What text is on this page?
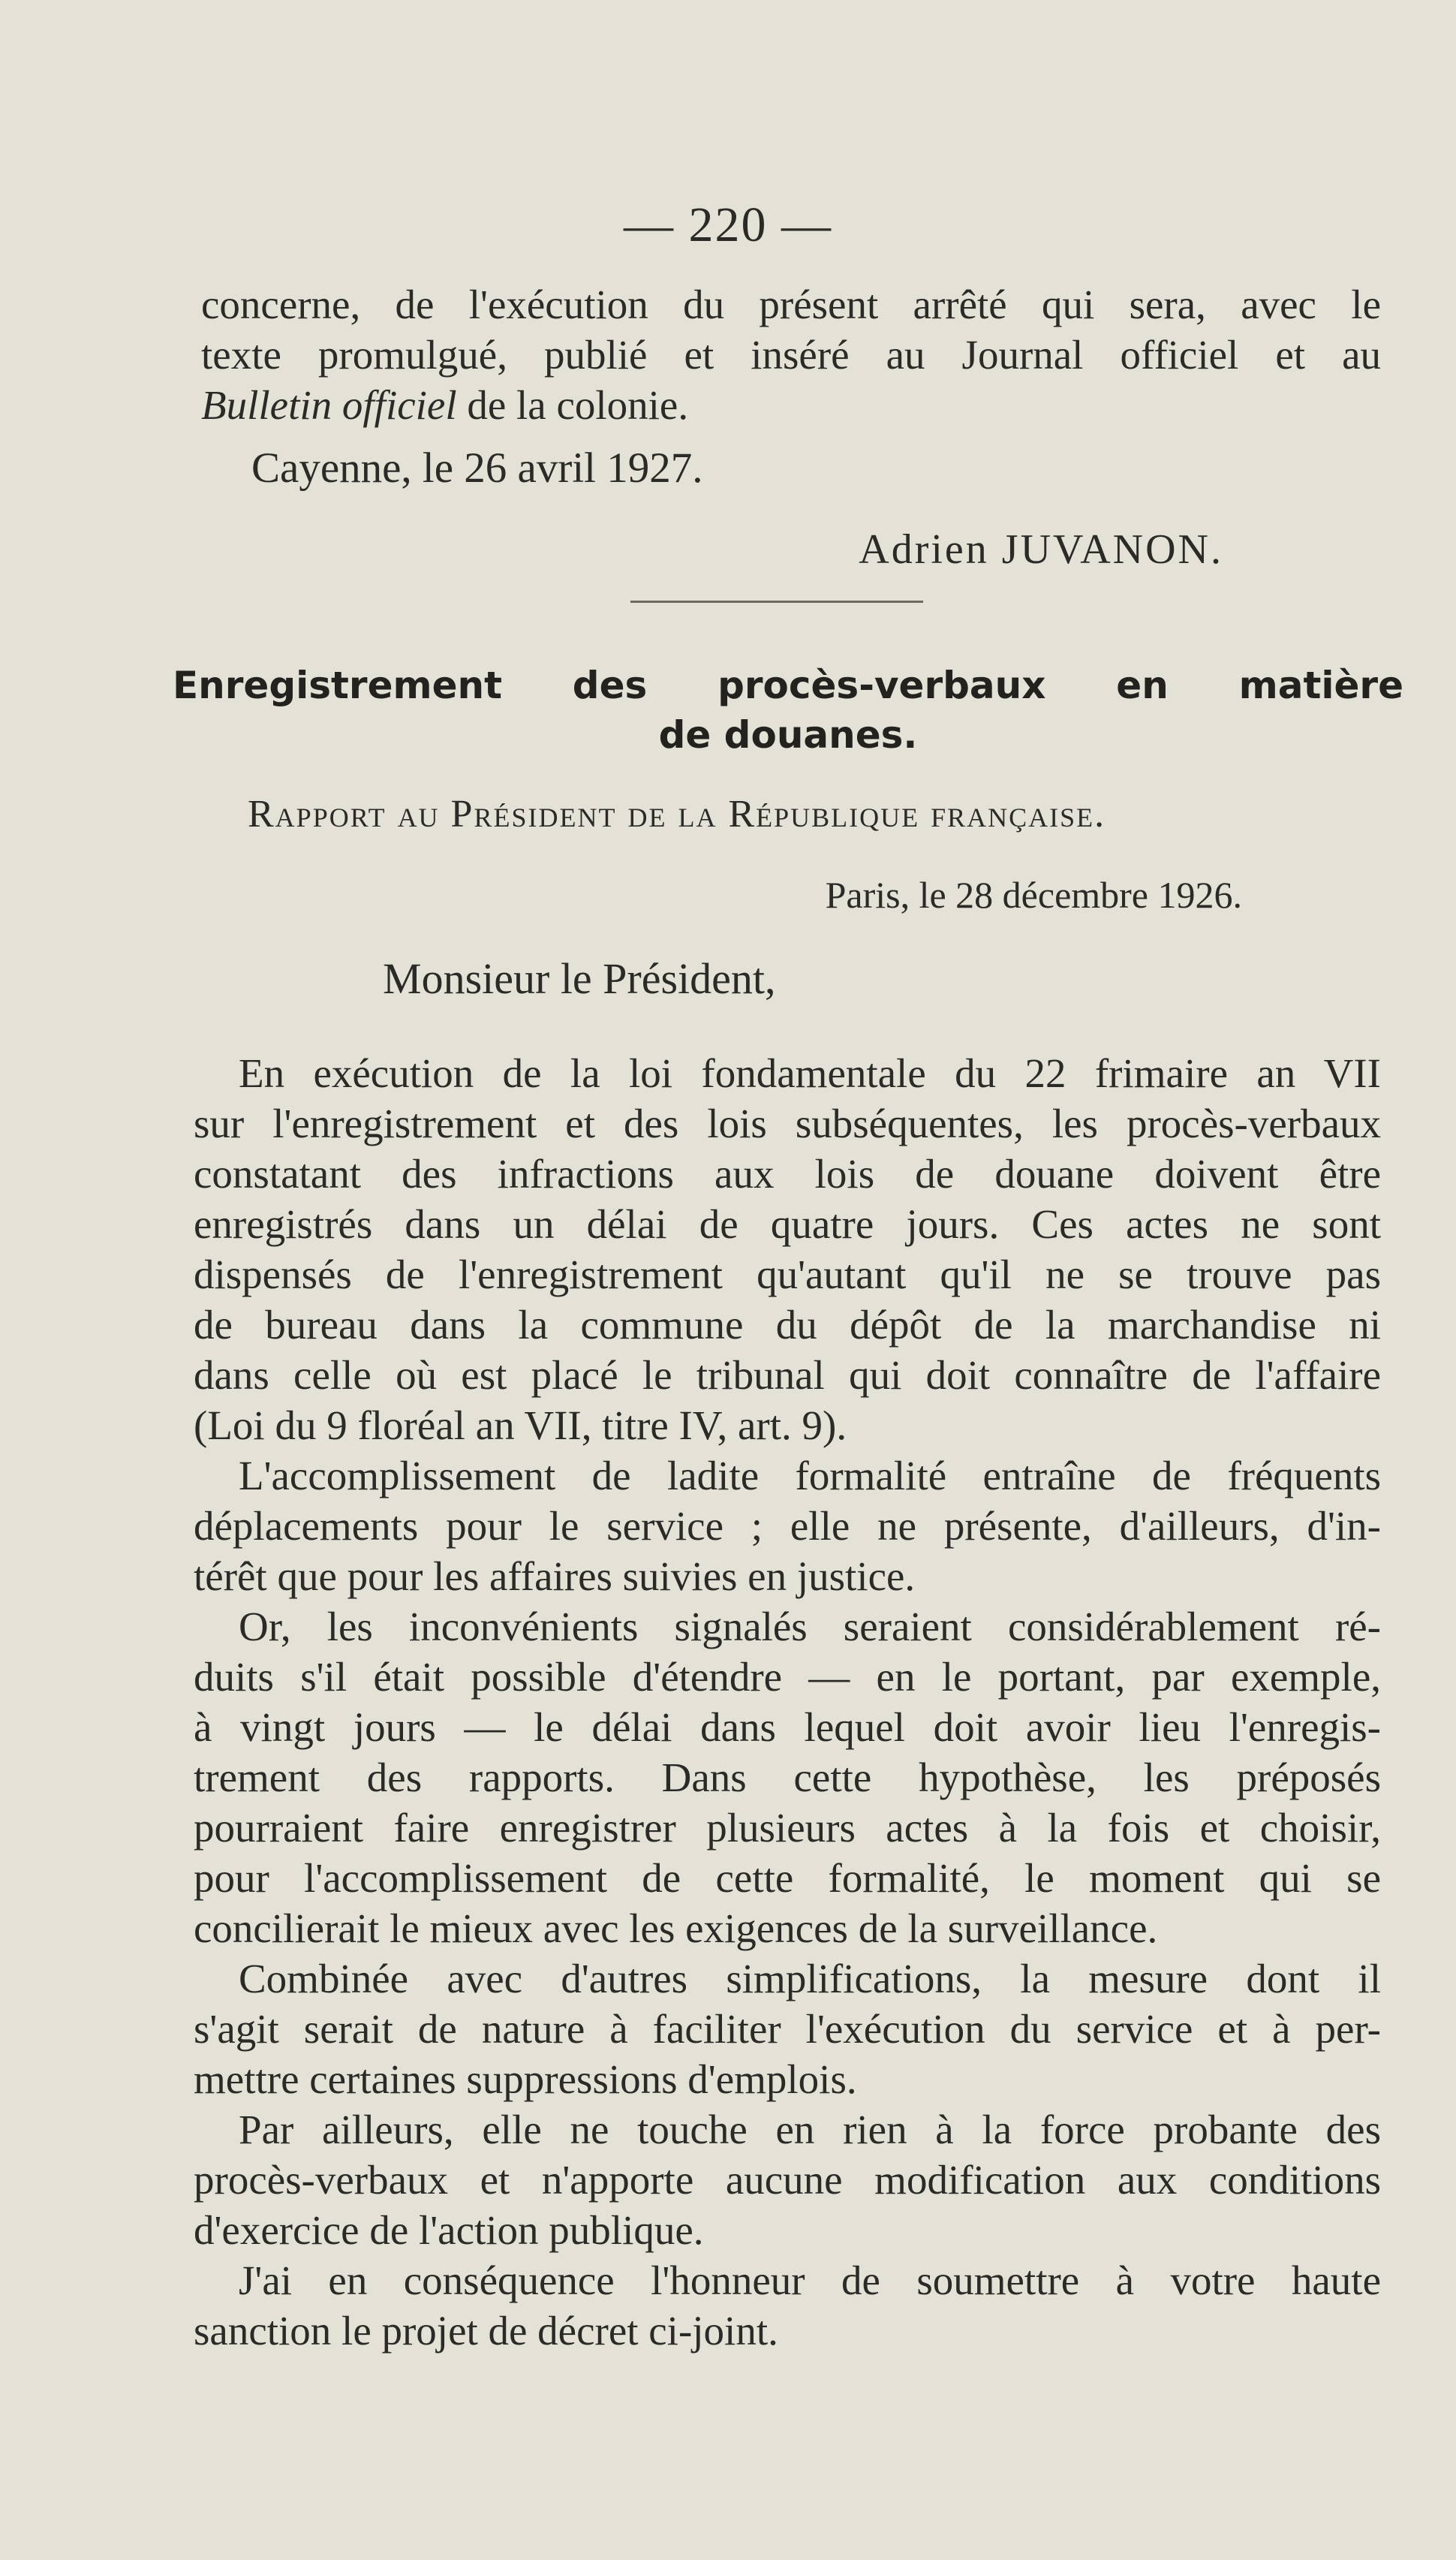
— 220 —
concerne, de l'exécution du présent arrêté qui sera, avec le
texte promulgué, publié et inséré au Journal officiel et au
Bulletin officiel de la colonie.
Cayenne, le 26 avril 1927.
Adrien JUVANON.
Enregistrement des procès-verbaux en matière
de douanes.
Rapport au Président de la République française.
Paris, le 28 décembre 1926.
Monsieur le Président,
En exécution de la loi fondamentale du 22 frimaire an VII
sur l'enregistrement et des lois subséquentes, les procès-verbaux
constatant des infractions aux lois de douane doivent être
enregistrés dans un délai de quatre jours. Ces actes ne sont
dispensés de l'enregistrement qu'autant qu'il ne se trouve pas
de bureau dans la commune du dépôt de la marchandise ni
dans celle où est placé le tribunal qui doit connaître de l'affaire
(Loi du 9 floréal an VII, titre IV, art. 9).
L'accomplissement de ladite formalité entraîne de fréquents
déplacements pour le service ; elle ne présente, d'ailleurs, d'in-
térêt que pour les affaires suivies en justice.
Or, les inconvénients signalés seraient considérablement ré-
duits s'il était possible d'étendre — en le portant, par exemple,
à vingt jours — le délai dans lequel doit avoir lieu l'enregis-
trement des rapports. Dans cette hypothèse, les préposés
pourraient faire enregistrer plusieurs actes à la fois et choisir,
pour l'accomplissement de cette formalité, le moment qui se
concilierait le mieux avec les exigences de la surveillance.
Combinée avec d'autres simplifications, la mesure dont il
s'agit serait de nature à faciliter l'exécution du service et à per-
mettre certaines suppressions d'emplois.
Par ailleurs, elle ne touche en rien à la force probante des
procès-verbaux et n'apporte aucune modification aux conditions
d'exercice de l'action publique.
J'ai en conséquence l'honneur de soumettre à votre haute
sanction le projet de décret ci-joint.
